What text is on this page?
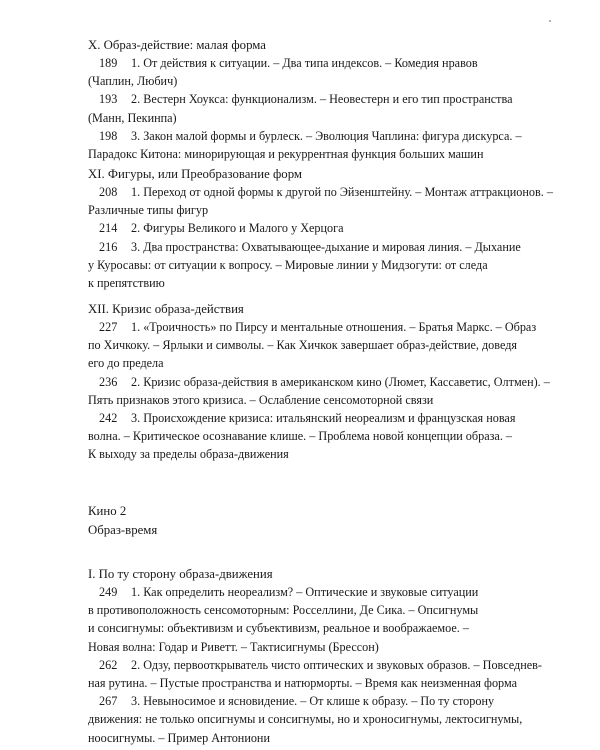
X. Образ-действие: малая форма
189 1. От действия к ситуации. – Два типа индексов. – Комедия нравов
(Чаплин, Любич)
193 2. Вестерн Хоукса: функционализм. – Неовестерн и его тип пространства
(Манн, Пекинпа)
198 3. Закон малой формы и бурлеск. – Эволюция Чаплина: фигура дискурса. –
Парадокс Китона: минорирующая и рекуррентная функция больших машин
XI. Фигуры, или Преобразование форм
208 1. Переход от одной формы к другой по Эйзенштейну. – Монтаж аттракционов. –
Различные типы фигур
214 2. Фигуры Великого и Малого у Херцога
216 3. Два пространства: Охватывающее-дыхание и мировая линия. – Дыхание
у Куросавы: от ситуации к вопросу. – Мировые линии у Мидзогути: от следа
к препятствию
XII. Кризис образа-действия
227 1. «Троичность» по Пирсу и ментальные отношения. – Братья Маркс. – Образ
по Хичкоку. – Ярлыки и символы. – Как Хичкок завершает образ-действие, доведя
его до предела
236 2. Кризис образа-действия в американском кино (Люмет, Кассаветис, Олтмен). –
Пять признаков этого кризиса. – Ослабление сенсомоторной связи
242 3. Происхождение кризиса: итальянский неореализм и французская новая
волна. – Критическое осознавание клише. – Проблема новой концепции образа. –
К выходу за пределы образа-движения
Кино 2
Образ-время
I. По ту сторону образа-движения
249 1. Как определить неореализм? – Оптические и звуковые ситуации
в противоположность сенсомоторным: Росселлини, Де Сика. – Опсигнумы
и сонсигнумы: объективизм и субъективизм, реальное и воображаемое. –
Новая волна: Годар и Риветт. – Тактисигнумы (Брессон)
262 2. Одзу, первооткрыватель чисто оптических и звуковых образов. – Повседнев-
ная рутина. – Пустые пространства и натюрморты. – Время как неизменная форма
267 3. Невыносимое и ясновидение. – От клише к образу. – По ту сторону
движения: не только опсигнумы и сонсигнумы, но и хроносигнумы, лектосигнумы,
ноосигнумы. – Пример Антониони
